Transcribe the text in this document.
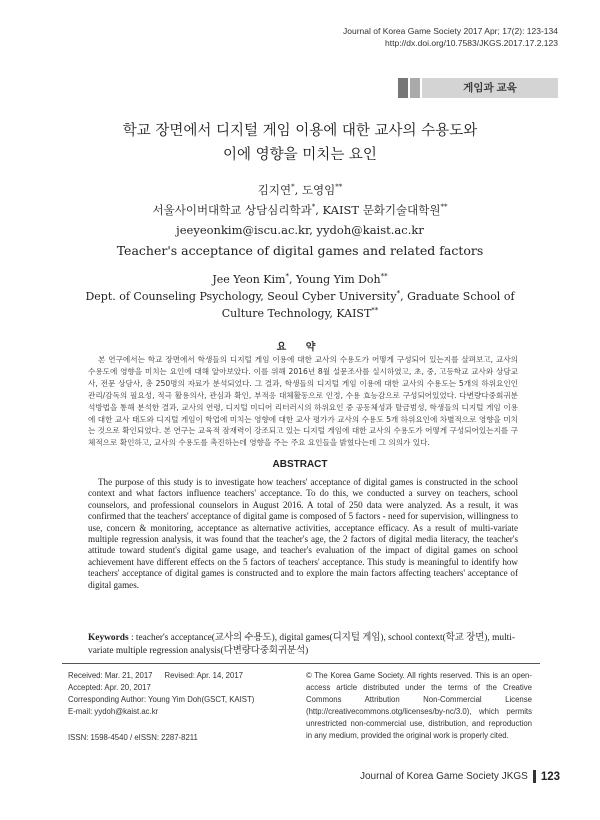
Journal of Korea Game Society 2017 Apr; 17(2): 123-134
http://dx.doi.org/10.7583/JKGS.2017.17.2.123
게임과 교육
학교 장면에서 디지털 게임 이용에 대한 교사의 수용도와
이에 영향을 미치는 요인
김지연*, 도영임**
서울사이버대학교 상담심리학과*, KAIST 문화기술대학원**
jeeyeonkim@iscu.ac.kr, yydoh@kaist.ac.kr
Teacher's acceptance of digital games and related factors
Jee Yeon Kim*, Young Yim Doh**
Dept. of Counseling Psychology, Seoul Cyber University*, Graduate School of
Culture Technology, KAIST**
요 약

본 연구에서는 학교 장면에서 학생들의 디지털 게임 이용에 대한 교사의 수용도가 어떻게 구성되어 있는지를 살펴보고, 교사의 수용도에 영향을 미치는 요인에 대해 알아보았다. 이를 위해 2016년 8월 설문조사를 실시하였고, 초, 중, 고등학교 교사와 상담교사, 전문 상담사, 총 250명의 자료가 분석되었다. 그 결과, 학생들의 디지털 게임 이용에 대한 교사의 수용도는 5개의 하위요인인 관리/감독의 필요성, 적극 활용의사, 관심과 확인, 부적응 대체활동으로 인정, 수용 효능감으로 구성되어있었다. 다변량다중회귀분석방법을 통해 분석한 결과, 교사의 연령, 디지털 미디어 리터러시의 하위요인 중 공동체성과 탈금범성, 학생들의 디지털 게임 이용에 대한 교사 태도와 디지털 게임이 학업에 미치는 영향에 대한 교사 평가가 교사의 수용도 5개 하위요인에 차별적으로 영향을 미치는 것으로 확인되었다. 본 연구는 교육적 잠재력이 강조되고 있는 디지털 게임에 대한 교사의 수용도가 어떻게 구성되어있는지를 구체적으로 확인하고, 교사의 수용도를 촉진하는데 영향을 주는 주요 요인들을 밝혔다는데 그 의의가 있다.

ABSTRACT

The purpose of this study is to investigate how teachers' acceptance of digital games is constructed in the school context and what factors influence teachers' acceptance. To do this, we conducted a survey on teachers, school counselors, and professional counselors in August 2016. A total of 250 data were analyzed. As a result, it was confirmed that the teachers' acceptance of digital game is composed of 5 factors - need for supervision, willingness to use, concern & monitoring, acceptance as alternative activities, acceptance efficacy. As a result of multi-variate multiple regression analysis, it was found that the teacher's age, the 2 factors of digital media literacy, the teacher's attitude toward student's digital game usage, and teacher's evaluation of the impact of digital games on school achievement have different effects on the 5 factors of teachers' acceptance. This study is meaningful to identify how teachers' acceptance of digital games is constructed and to explore the main factors affecting teachers' acceptance of digital games.

Keywords : teacher's acceptance(교사의 수용도), digital games(디지털 게임), school context(학교 장면), multi-variate multiple regression analysis(다변량다중회귀분석)

Received: Mar. 21, 2017 Revised: Apr. 14, 2017
Accepted: Apr. 20, 2017
Corresponding Author: Young Yim Doh(GSCT, KAIST)
E-mail: yydoh@kaist.ac.kr
ISSN: 1598-4540 / eISSN: 2287-8211

© The Korea Game Society. All rights reserved. This is an open-access article distributed under the terms of the Creative Commons Attribution Non-Commercial License (http://creativecommons.otg/licenses/by-nc/3.0), which permits unrestricted non-commercial use, distribution, and reproduction in any medium, provided the original work is properly cited.

Journal of Korea Game Society JKGS 123
